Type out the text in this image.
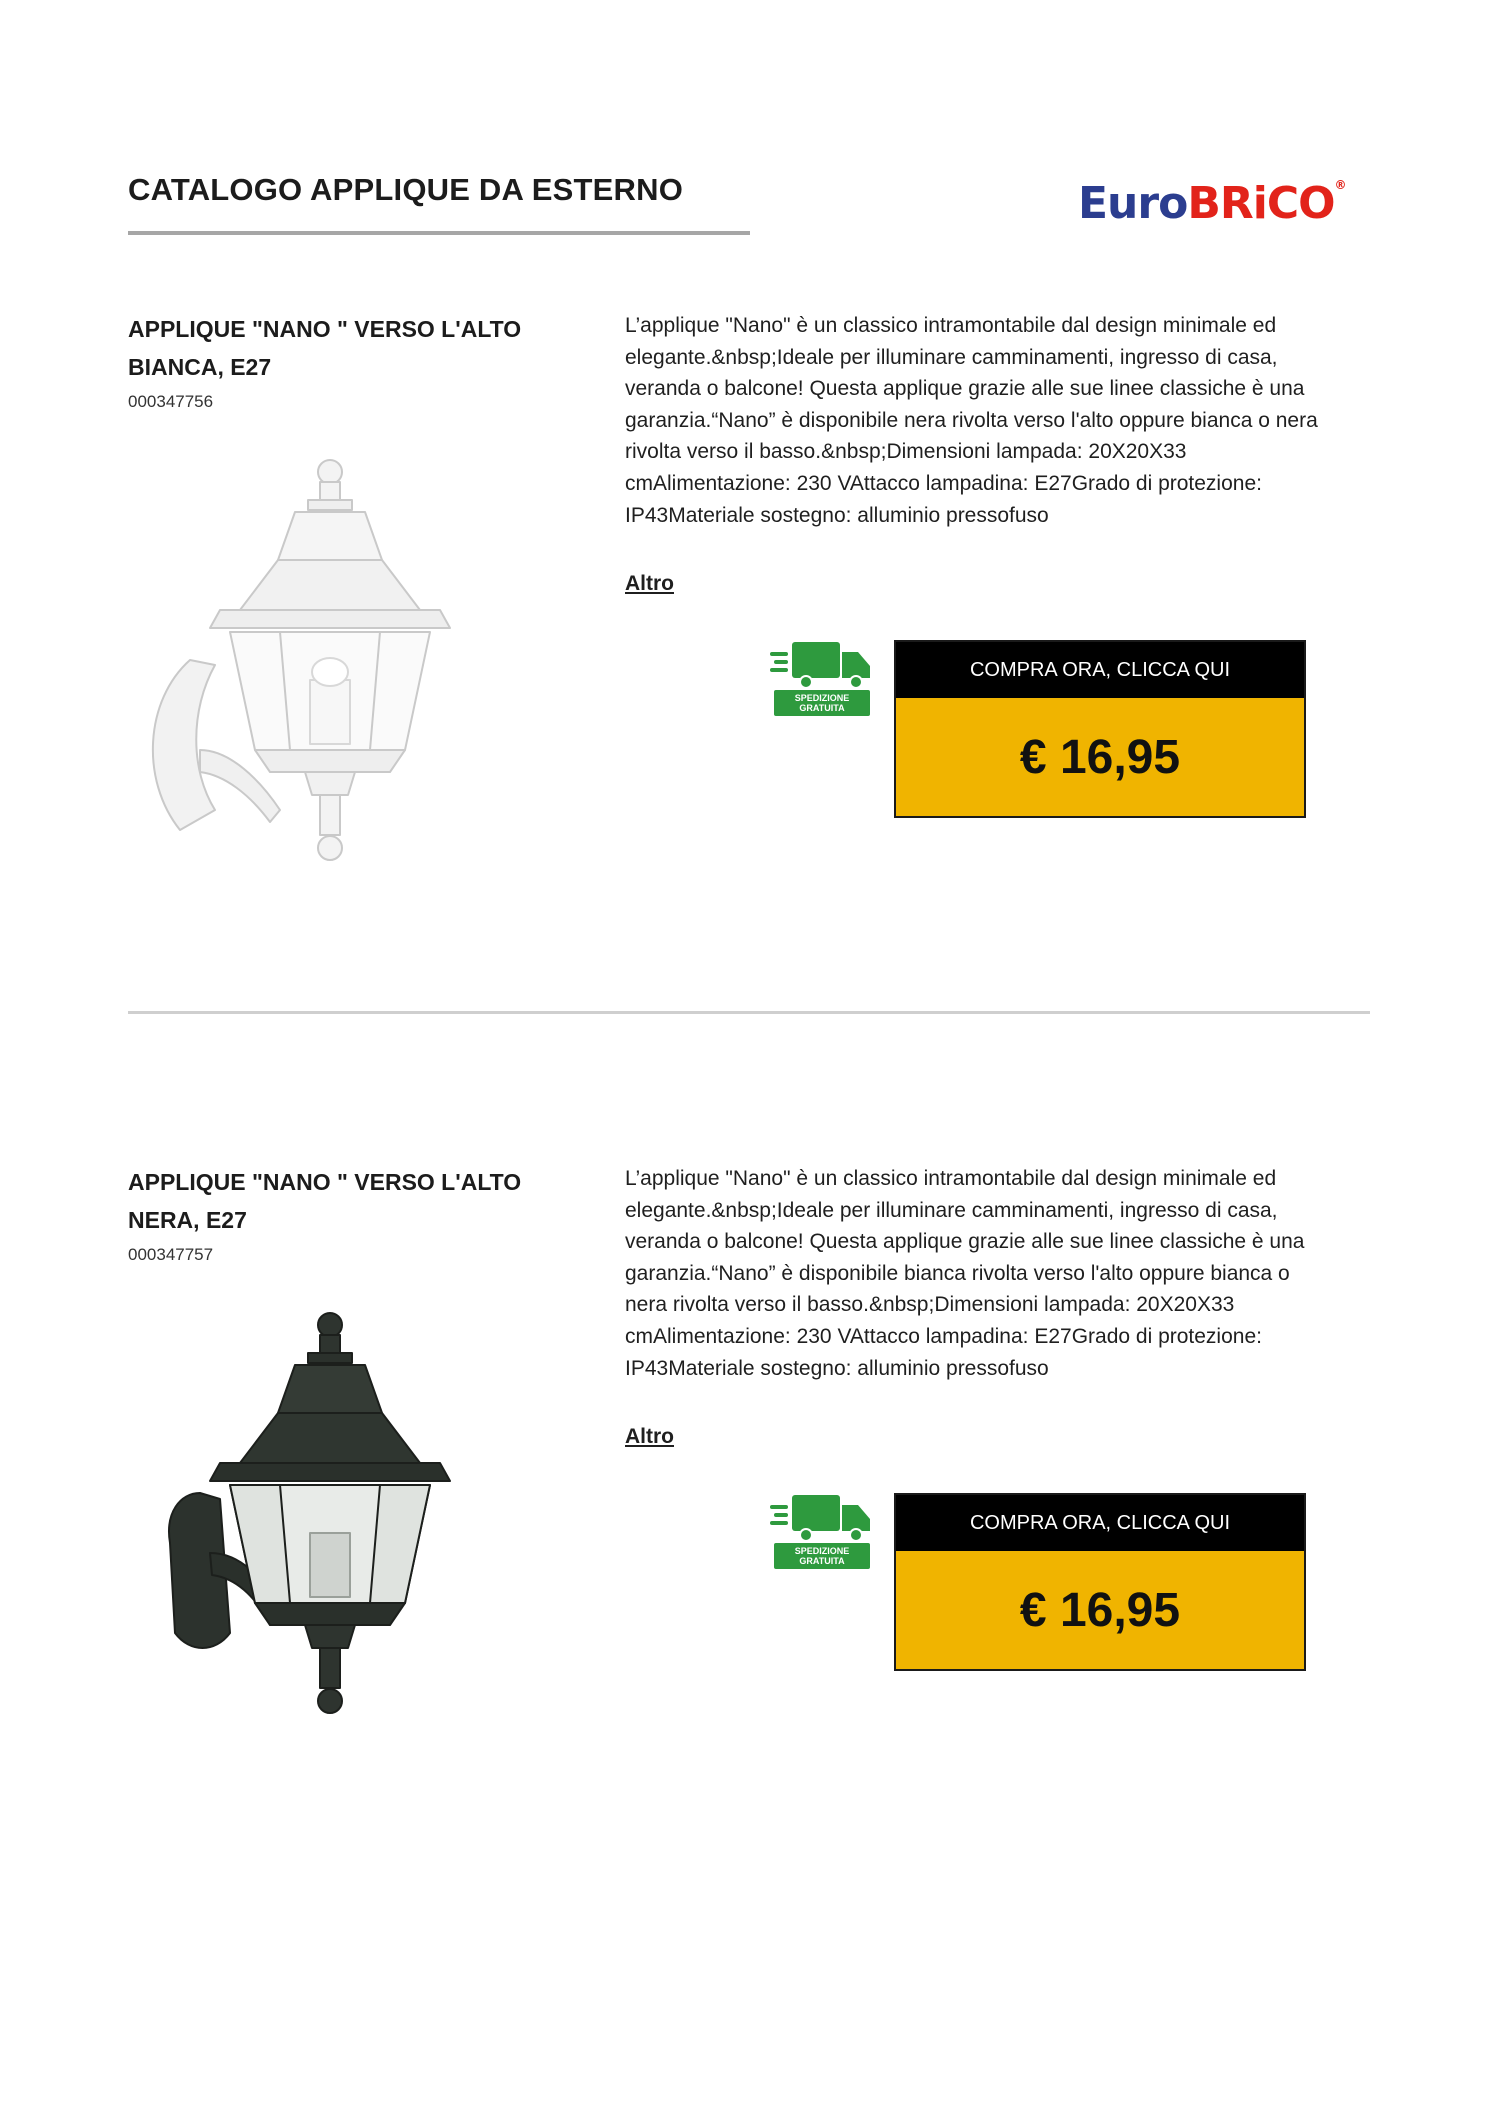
CATALOGO APPLIQUE DA ESTERNO	EuroBRiCO®
APPLIQUE "NANO " VERSO L'ALTO BIANCA, E27
000347756

L’applique "Nano" è un classico intramontabile dal design minimale ed elegante.&nbsp;Ideale per illuminare camminamenti, ingresso di casa, veranda o balcone! Questa applique grazie alle sue linee classiche è una garanzia.“Nano” è disponibile nera rivolta verso l'alto oppure bianca o nera rivolta verso il basso.&nbsp;Dimensioni lampada: 20X20X33 cmAlimentazione: 230 VAttacco lampadina: E27Grado di protezione: IP43Materiale sostegno: alluminio pressofuso

Altro
SPEDIZIONE
GRATUITA
COMPRA ORA, CLICCA QUI
€ 16,95
APPLIQUE "NANO " VERSO L'ALTO NERA, E27
000347757

L’applique "Nano" è un classico intramontabile dal design minimale ed elegante.&nbsp;Ideale per illuminare camminamenti, ingresso di casa, veranda o balcone! Questa applique grazie alle sue linee classiche è una garanzia.“Nano” è disponibile bianca rivolta verso l'alto oppure bianca o nera rivolta verso il basso.&nbsp;Dimensioni lampada: 20X20X33 cmAlimentazione: 230 VAttacco lampadina: E27Grado di protezione: IP43Materiale sostegno: alluminio pressofuso

Altro
SPEDIZIONE
GRATUITA
COMPRA ORA, CLICCA QUI
€ 16,95
